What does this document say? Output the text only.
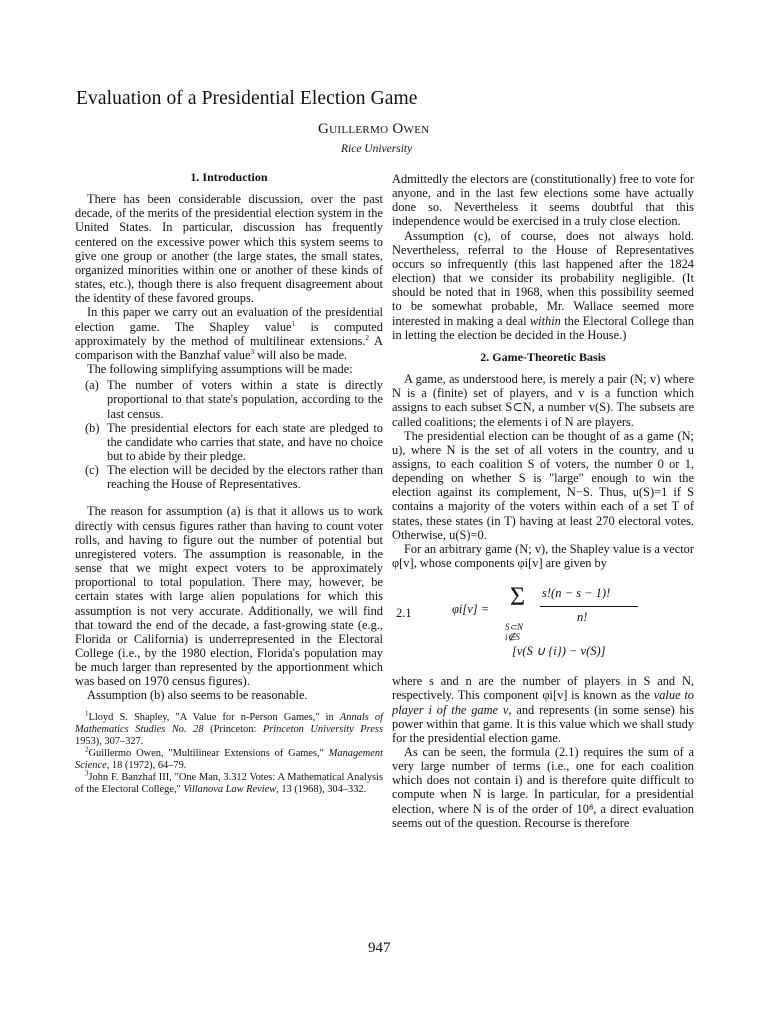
Evaluation of a Presidential Election Game
Guillermo Owen
Rice University
1. Introduction

There has been considerable discussion, over the past decade, of the merits of the presidential election system in the United States. In particular, discussion has frequently centered on the excessive power which this system seems to give one group or another (the large states, the small states, organized minorities within one or another of these kinds of states, etc.), though there is also frequent disagreement about the identity of these favored groups.

In this paper we carry out an evaluation of the presidential election game. The Shapley value$^1$ is computed approximately by the method of multilinear extensions.$^2$ A comparison with the Banzhaf value$^3$ will also be made.

The following simplifying assumptions will be made:

(a) The number of voters within a state is directly proportional to that state's population, according to the last census.
(b) The presidential electors for each state are pledged to the candidate who carries that state, and have no choice but to abide by their pledge.
(c) The election will be decided by the electors rather than reaching the House of Representatives.

The reason for assumption (a) is that it allows us to work directly with census figures rather than having to count voter rolls, and having to figure out the number of potential but unregistered voters. The assumption is reasonable, in the sense that we might expect voters to be approximately proportional to total population. There may, however, be certain states with large alien populations for which this assumption is not very accurate. Additionally, we will find that toward the end of the decade, a fast-growing state (e.g., Florida or California) is underrepresented in the Electoral College (i.e., by the 1980 election, Florida's population may be much larger than represented by the apportionment which was based on 1970 census figures).

Assumption (b) also seems to be reasonable.

$^1$Lloyd S. Shapley, "A Value for n-Person Games," in Annals of Mathematics Studies No. 28 (Princeton: Princeton University Press 1953), 307–327.

$^2$Guillermo Owen, "Multilinear Extensions of Games," Management Science, 18 (1972), 64–79.

$^3$John F. Banzhaf III, "One Man, 3.312 Votes: A Mathematical Analysis of the Electoral College," Villanova Law Review, 13 (1968), 304–332.

Admittedly the electors are (constitutionally) free to vote for anyone, and in the last few elections some have actually done so. Nevertheless it seems doubtful that this independence would be exercised in a truly close election.

Assumption (c), of course, does not always hold. Nevertheless, referral to the House of Representatives occurs so infrequently (this last happened after the 1824 election) that we consider its probability negligible. (It should be noted that in 1968, when this possibility seemed to be somewhat probable, Mr. Wallace seemed more interested in making a deal within the Electoral College than in letting the election be decided in the House.)

2. Game-Theoretic Basis

A game, as understood here, is merely a pair (N; v) where N is a (finite) set of players, and v is a function which assigns to each subset S⊂N, a number v(S). The subsets are called coalitions; the elements i of N are players.

The presidential election can be thought of as a game (N; u), where N is the set of all voters in the country, and u assigns, to each coalition S of voters, the number 0 or 1, depending on whether S is "large" enough to win the election against its complement, N−S. Thus, u(S)=1 if S contains a majority of the voters within each of a set T of states, these states (in T) having at least 270 electoral votes. Otherwise, u(S)=0.

For an arbitrary game (N; v), the Shapley value is a vector φ[v], whose components φi[v] are given by

2.1	φi[v] = Σ
S⊂N
i∉S
s!(n − s − 1)!
n!
[v(S ∪ {i}) − v(S)]

where s and n are the number of players in S and N, respectively. This component φi[v] is known as the value to player i of the game v, and represents (in some sense) his power within that game. It is this value which we shall study for the presidential election game.

As can be seen, the formula (2.1) requires the sum of a very large number of terms (i.e., one for each coalition which does not contain i) and is therefore quite difficult to compute when N is large. In particular, for a presidential election, where N is of the order of 10⁸, a direct evaluation seems out of the question. Recourse is therefore

947
